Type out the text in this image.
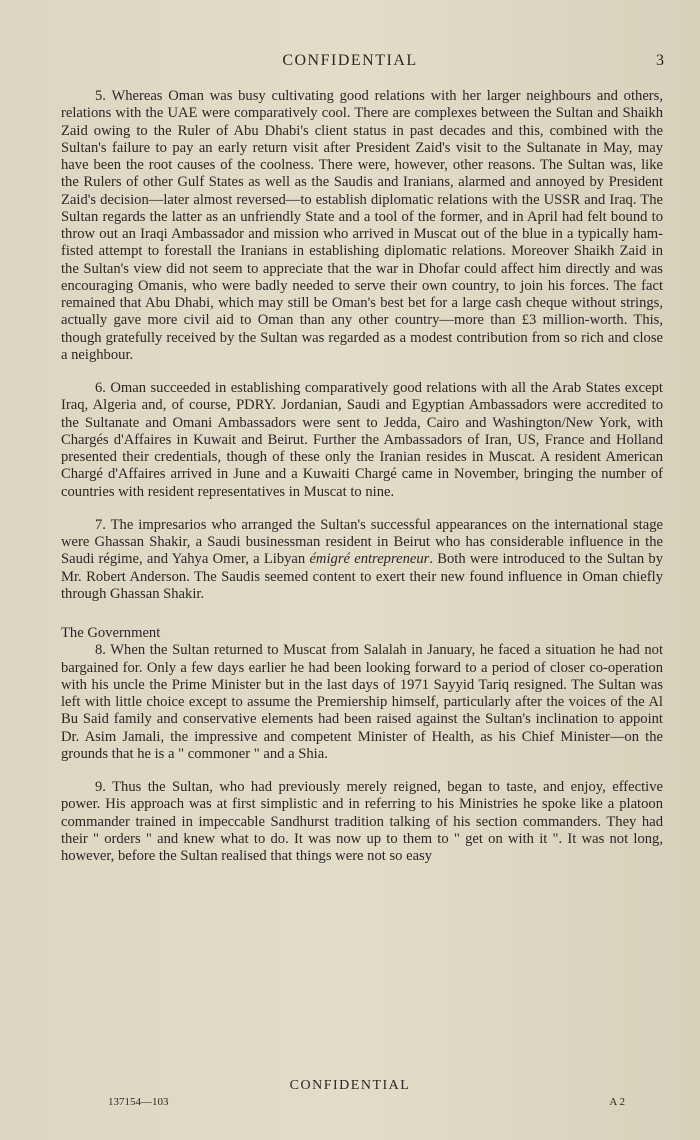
CONFIDENTIAL	3

5. Whereas Oman was busy cultivating good relations with her larger neighbours and others, relations with the UAE were comparatively cool. There are complexes between the Sultan and Shaikh Zaid owing to the Ruler of Abu Dhabi's client status in past decades and this, combined with the Sultan's failure to pay an early return visit after President Zaid's visit to the Sultanate in May, may have been the root causes of the coolness. There were, however, other reasons. The Sultan was, like the Rulers of other Gulf States as well as the Saudis and Iranians, alarmed and annoyed by President Zaid's decision—later almost reversed—to establish diplomatic relations with the USSR and Iraq. The Sultan regards the latter as an unfriendly State and a tool of the former, and in April had felt bound to throw out an Iraqi Ambassador and mission who arrived in Muscat out of the blue in a typically ham-fisted attempt to forestall the Iranians in establishing diplomatic relations. Moreover Shaikh Zaid in the Sultan's view did not seem to appreciate that the war in Dhofar could affect him directly and was encouraging Omanis, who were badly needed to serve their own country, to join his forces. The fact remained that Abu Dhabi, which may still be Oman's best bet for a large cash cheque without strings, actually gave more civil aid to Oman than any other country—more than £3 million-worth. This, though gratefully received by the Sultan was regarded as a modest contribution from so rich and close a neighbour.

6. Oman succeeded in establishing comparatively good relations with all the Arab States except Iraq, Algeria and, of course, PDRY. Jordanian, Saudi and Egyptian Ambassadors were accredited to the Sultanate and Omani Ambassadors were sent to Jedda, Cairo and Washington/New York, with Chargés d'Affaires in Kuwait and Beirut. Further the Ambassadors of Iran, US, France and Holland presented their credentials, though of these only the Iranian resides in Muscat. A resident American Chargé d'Affaires arrived in June and a Kuwaiti Chargé came in November, bringing the number of countries with resident representatives in Muscat to nine.

7. The impresarios who arranged the Sultan's successful appearances on the international stage were Ghassan Shakir, a Saudi businessman resident in Beirut who has considerable influence in the Saudi régime, and Yahya Omer, a Libyan émigré entrepreneur. Both were introduced to the Sultan by Mr. Robert Anderson. The Saudis seemed content to exert their new found influence in Oman chiefly through Ghassan Shakir.

The Government

8. When the Sultan returned to Muscat from Salalah in January, he faced a situation he had not bargained for. Only a few days earlier he had been looking forward to a period of closer co-operation with his uncle the Prime Minister but in the last days of 1971 Sayyid Tariq resigned. The Sultan was left with little choice except to assume the Premiership himself, particularly after the voices of the Al Bu Said family and conservative elements had been raised against the Sultan's inclination to appoint Dr. Asim Jamali, the impressive and competent Minister of Health, as his Chief Minister—on the grounds that he is a " commoner " and a Shia.

9. Thus the Sultan, who had previously merely reigned, began to taste, and enjoy, effective power. His approach was at first simplistic and in referring to his Ministries he spoke like a platoon commander trained in impeccable Sandhurst tradition talking of his section commanders. They had their " orders " and knew what to do. It was now up to them to " get on with it ". It was not long, however, before the Sultan realised that things were not so easy

CONFIDENTIAL
137154—103	A 2
